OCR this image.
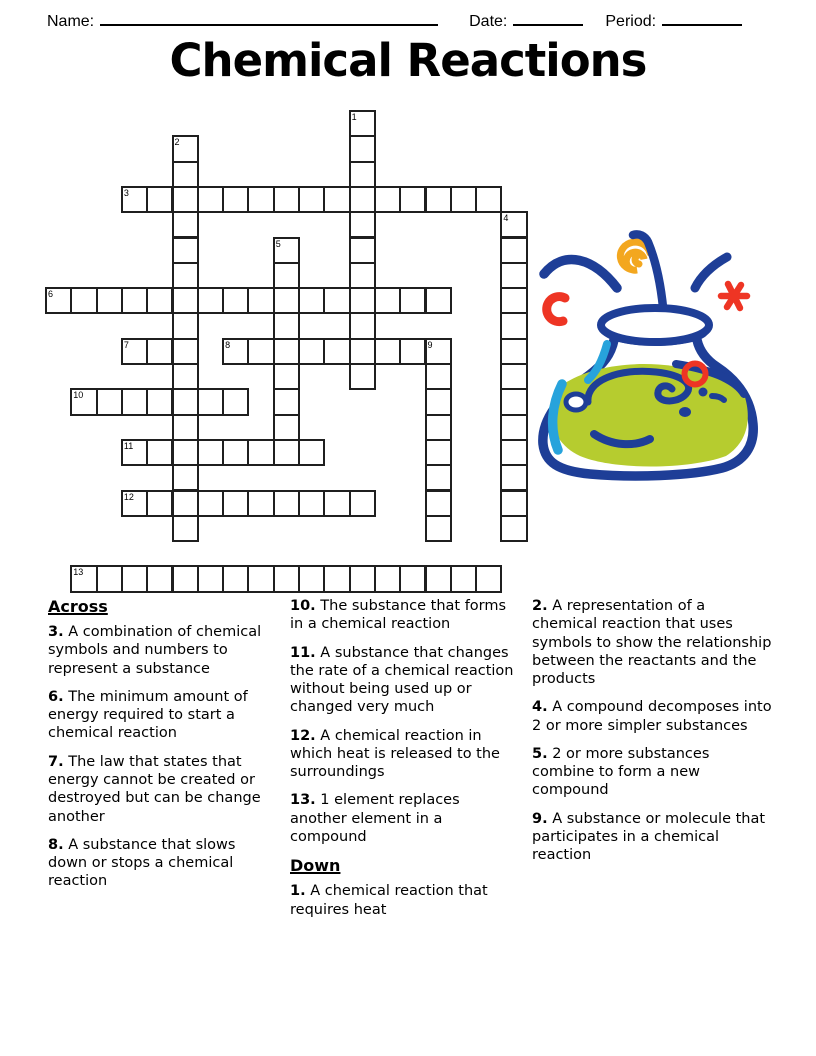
Name:	Date:	Period:
Chemical Reactions
1
2
3
4
5
6
7	8	9
10
11
12
13
Across

3. A combination of chemical symbols and numbers to represent a substance

6. The minimum amount of energy required to start a chemical reaction

7. The law that states that energy cannot be created or destroyed but can be change another

8. A substance that slows down or stops a chemical reaction

10. The substance that forms in a chemical reaction

11. A substance that changes the rate of a chemical reaction without being used up or changed very much

12. A chemical reaction in which heat is released to the surroundings

13. 1 element replaces another element in a compound

Down

1. A chemical reaction that requires heat

2. A representation of a chemical reaction that uses symbols to show the relationship between the reactants and the products

4. A compound decomposes into 2 or more simpler substances

5. 2 or more substances combine to form a new compound

9. A substance or molecule that participates in a chemical reaction
